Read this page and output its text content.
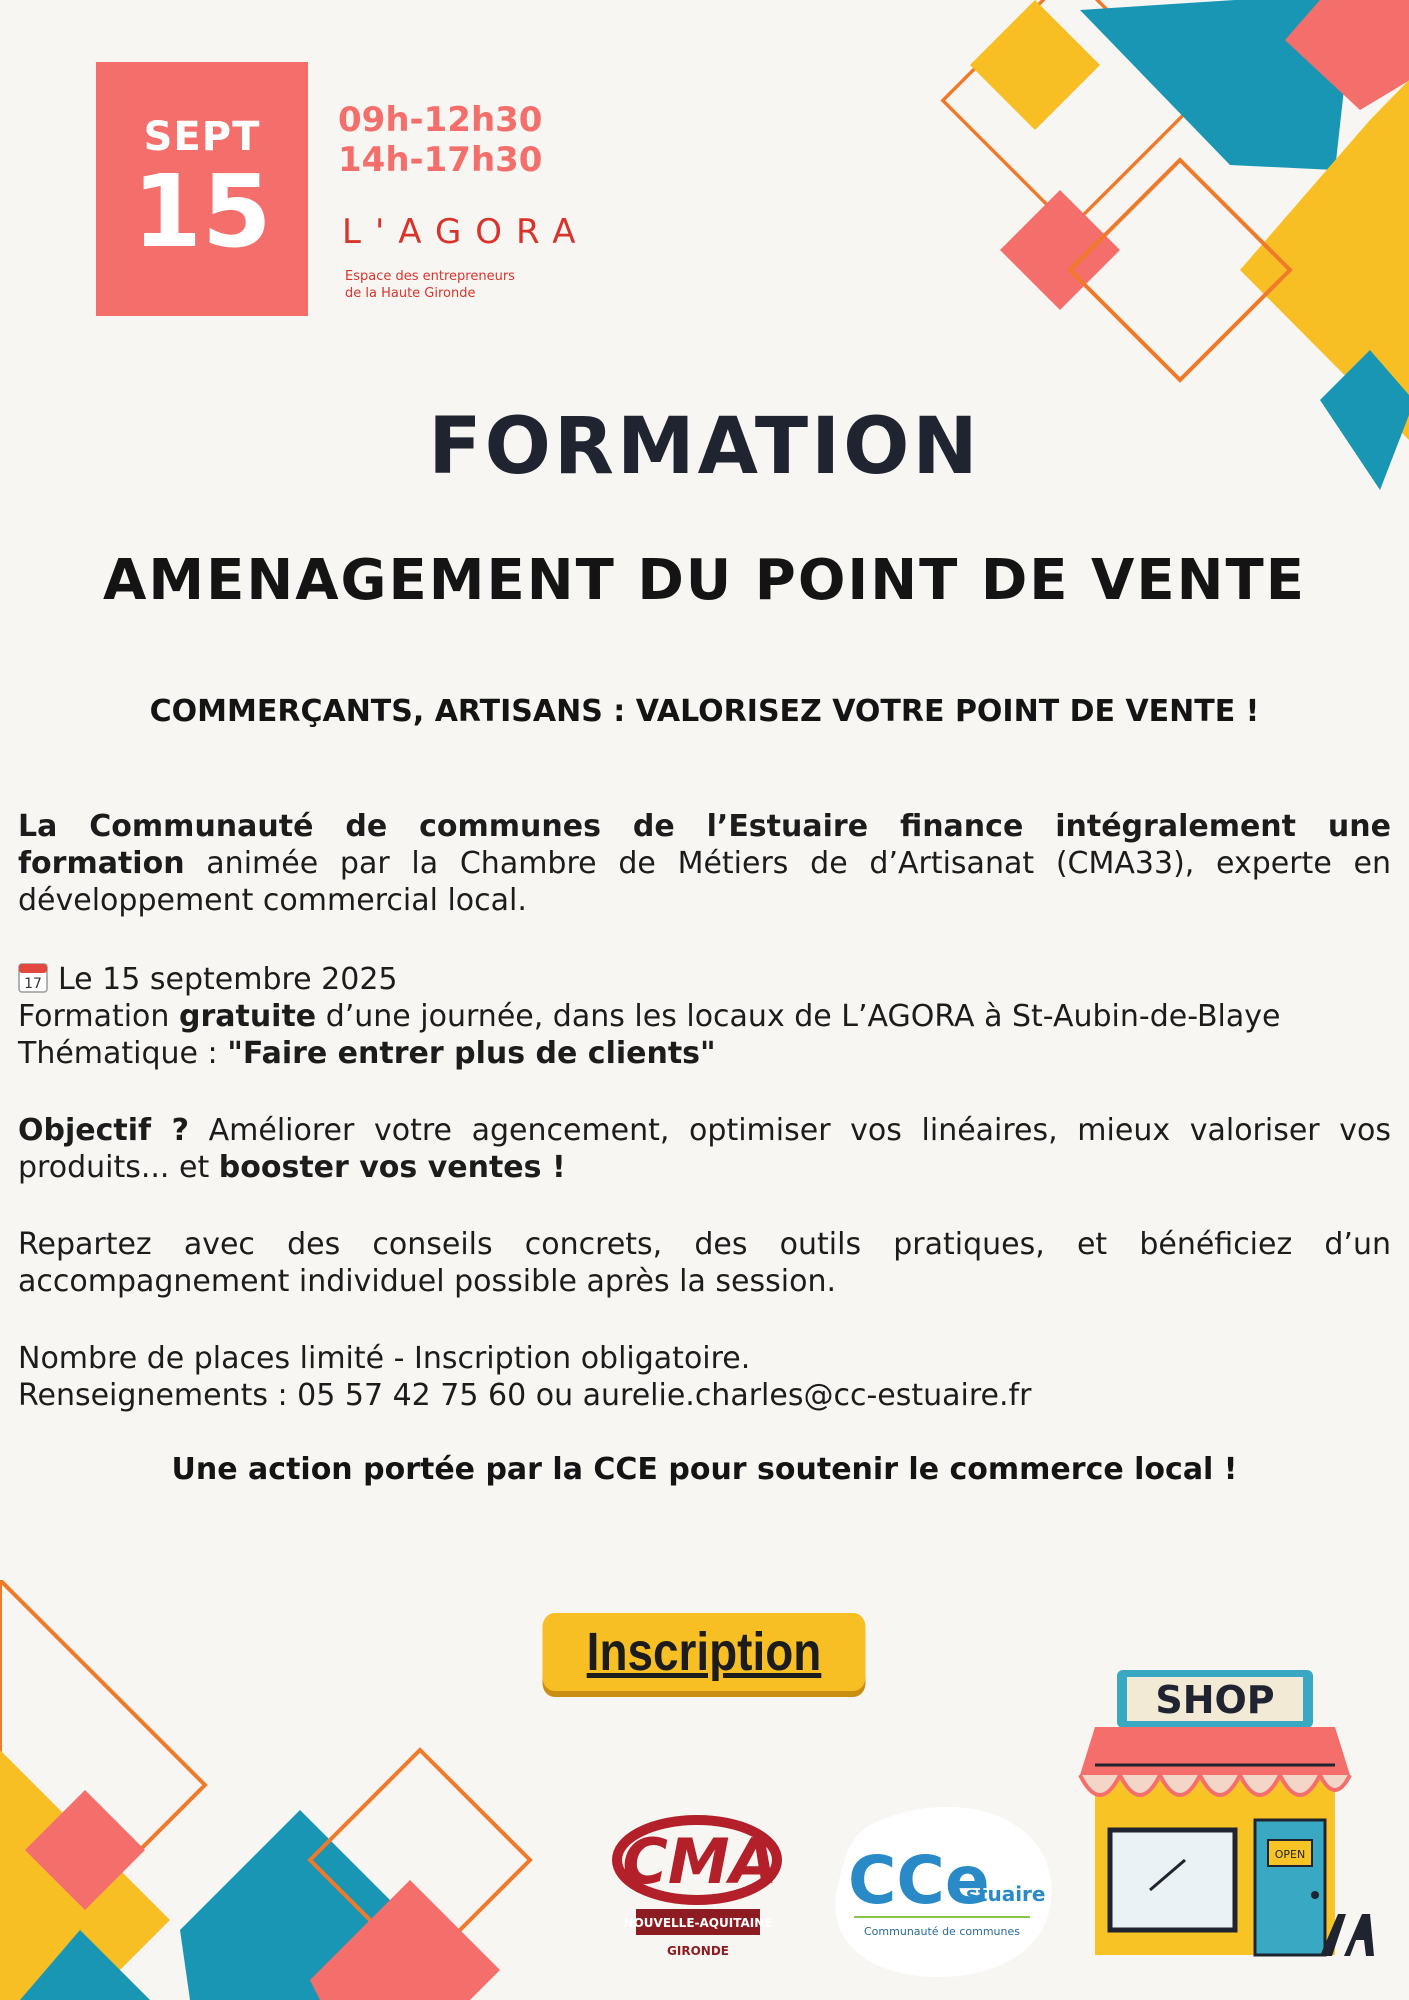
SEPT
15
09h-12h30
14h-17h30
L'AGORA
Espace des entrepreneurs
de la Haute Gironde
FORMATION
AMENAGEMENT DU POINT DE VENTE
COMMERÇANTS, ARTISANS : VALORISEZ VOTRE POINT DE VENTE !
La Communauté de communes de l’Estuaire finance intégralement une formation animée par la Chambre de Métiers de d’Artisanat (CMA33), experte en développement commercial local.
17 Le 15 septembre 2025
Formation gratuite d’une journée, dans les locaux de L’AGORA à St-Aubin-de-Blaye
Thématique : "Faire entrer plus de clients"
Objectif ? Améliorer votre agencement, optimiser vos linéaires, mieux valoriser vos produits... et booster vos ventes !
Repartez avec des conseils concrets, des outils pratiques, et bénéficiez d’un accompagnement individuel possible après la session.
Nombre de places limité - Inscription obligatoire.
Renseignements : 05 57 42 75 60 ou aurelie.charles@cc-estuaire.fr
Une action portée par la CCE pour soutenir le commerce local !
Inscription
CMA
NOUVELLE-AQUITAINE
GIRONDE
CCe
stuaire
Communauté de communes
SHOP
OPEN
